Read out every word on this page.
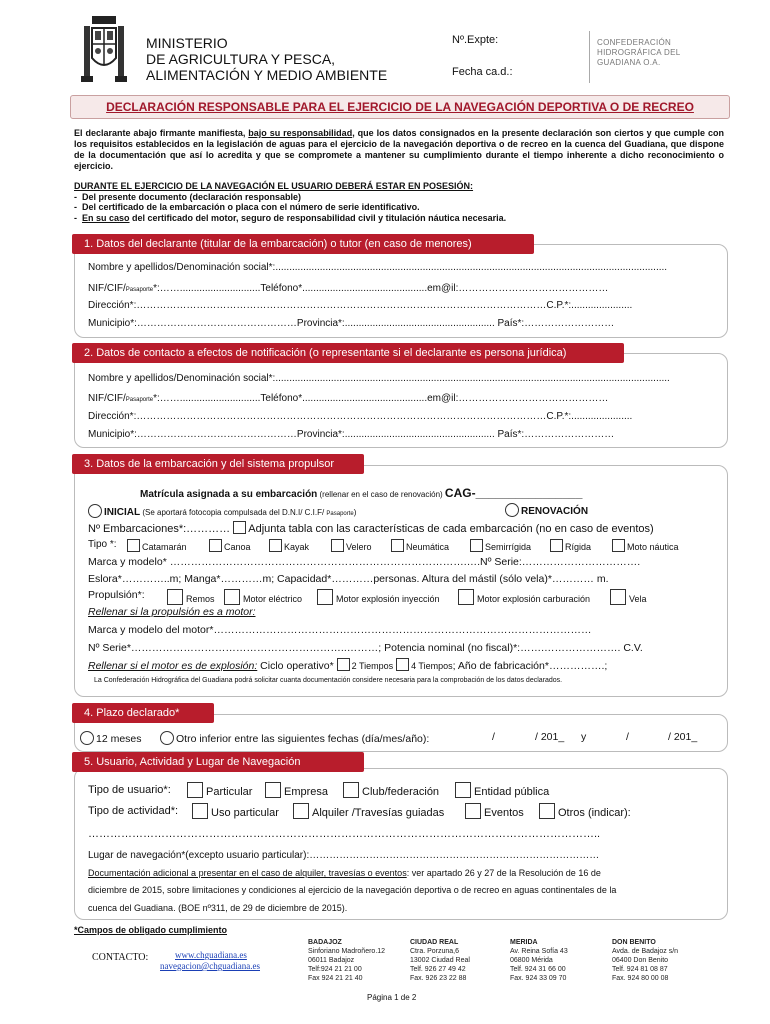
MINISTERIO
DE AGRICULTURA Y PESCA,
ALIMENTACIÓN Y MEDIO AMBIENTE
Nº.Expte:
Fecha ca.d.:
CONFEDERACIÓN
HIDROGRÁFICA DEL
GUADIANA O.A.
DECLARACIÓN RESPONSABLE PARA EL EJERCICIO DE LA NAVEGACIÓN DEPORTIVA O DE RECREO
El declarante abajo firmante manifiesta, bajo su responsabilidad, que los datos consignados en la presente declaración son ciertos y que cumple con los requisitos establecidos en la legislación de aguas para el ejercicio de la navegación deportiva o de recreo en la cuenca del Guadiana, que dispone de la documentación que así lo acredita y que se compromete a mantener su cumplimiento durante el tiempo inherente a dicho reconocimiento o ejercicio.
DURANTE EL EJERCICIO DE LA NAVEGACIÓN EL USUARIO DEBERÁ ESTAR EN POSESIÓN:
-  Del presente documento (declaración responsable)
-  Del certificado de la embarcación o placa con el número de serie identificativo.
-  En su caso del certificado del motor, seguro de responsabilidad civil y titulación náutica necesaria.
1. Datos del declarante (titular de la embarcación) o tutor (en caso de menores)
Nombre y apellidos/Denominación social*:.............................................................................................................................................
NIF/CIF/Pasaporte*:…….............................Teléfono*.............................................em@il:………………………………………
Dirección*:……………………………………………………………………………………………………………C.P.*:......................
Municipio*:…………………………………………Provincia*:...................................................... País*:………………………
2. Datos de contacto a efectos de notificación (o representante si el declarante es persona jurídica)
Nombre y apellidos/Denominación social*:..............................................................................................................................................
NIF/CIF/Pasaporte*:…….............................Teléfono*.............................................em@il:………………………………………
Dirección*:……………………………………………………………………………………………………………C.P.*:......................
Municipio*:…………………………………………Provincia*:...................................................... País*:………………………
3. Datos de la embarcación y del sistema propulsor
Matrícula asignada a su embarcación (rellenar en el caso de renovación) CAG-________________
INICIAL (Se aportará fotocopia compulsada del D.N.I/ C.I.F/ Pasaporte)	RENOVACIÓN
Nº Embarcaciones*:………… Adjunta tabla con las características de cada embarcación (no en caso de eventos)
Tipo *:	Catamarán	Canoa	Kayak	Velero	Neumática	Semirrígida	Rígida	Moto náutica
Marca y modelo* ………………………………………………………………………….….Nº Serie:…………………………….
Eslora*…………..m; Manga*…………m; Capacidad*…………personas. Altura del mástil (sólo vela)*………… m.
Propulsión*:	Remos	Motor eléctrico	Motor explosión inyección	Motor explosión carburación	Vela
Rellenar si la propulsión es a motor:
Marca y modelo del motor*………………………………………………………………………………………………
Nº Serie*……………………………………………………..………; Potencia nominal (no fiscal)*:…….…………………. C.V.
Rellenar si el motor es de explosión: Ciclo operativo* 2 Tiempos 4 Tiempos; Año de fabricación*…………….;
La Confederación Hidrográfica del Guadiana podrá solicitar cuanta documentación considere necesaria para la comprobación de los datos declarados.
4. Plazo declarado*
12 meses	Otro inferior entre las siguientes fechas (día/mes/año):	/	/ 201_ y	/	/ 201_
5. Usuario, Actividad y Lugar de Navegación
Tipo de usuario*:	Particular	Empresa	Club/federación	Entidad pública
Tipo de actividad*:	Uso particular	Alquiler /Travesías guiadas	Eventos	Otros (indicar):
…………………………………………………………………………………………………………………………..
Lugar de navegación*(excepto usuario particular):……………………………………………………………………………
Documentación adicional a presentar en el caso de alquiler, travesías o eventos: ver apartado 26 y 27 de la Resolución de 16 de
diciembre de 2015, sobre limitaciones y condiciones al ejercicio de la navegación deportiva o de recreo en aguas continentales de la
cuenca del Guadiana. (BOE nº311, de 29 de diciembre de 2015).
*Campos de obligado cumplimiento
CONTACTO:	www.chguadiana.es
navegacion@chguadiana.es
BADAJOZ
Sinforiano Madroñero.12
06011 Badajoz
Telf:924 21 21 00
Fax 924 21 21 40
CIUDAD REAL
Ctra. Porzuna,6
13002 Ciudad Real
Telf. 926 27 49 42
Fax. 926 23 22 88
MERIDA
Av. Reina Sofía 43
06800 Mérida
Telf. 924 31 66 00
Fax. 924 33 09 70
DON BENITO
Avda. de Badajoz s/n
06400 Don Benito
Telf. 924 81 08 87
Fax. 924 80 00 08
Página 1 de 2
